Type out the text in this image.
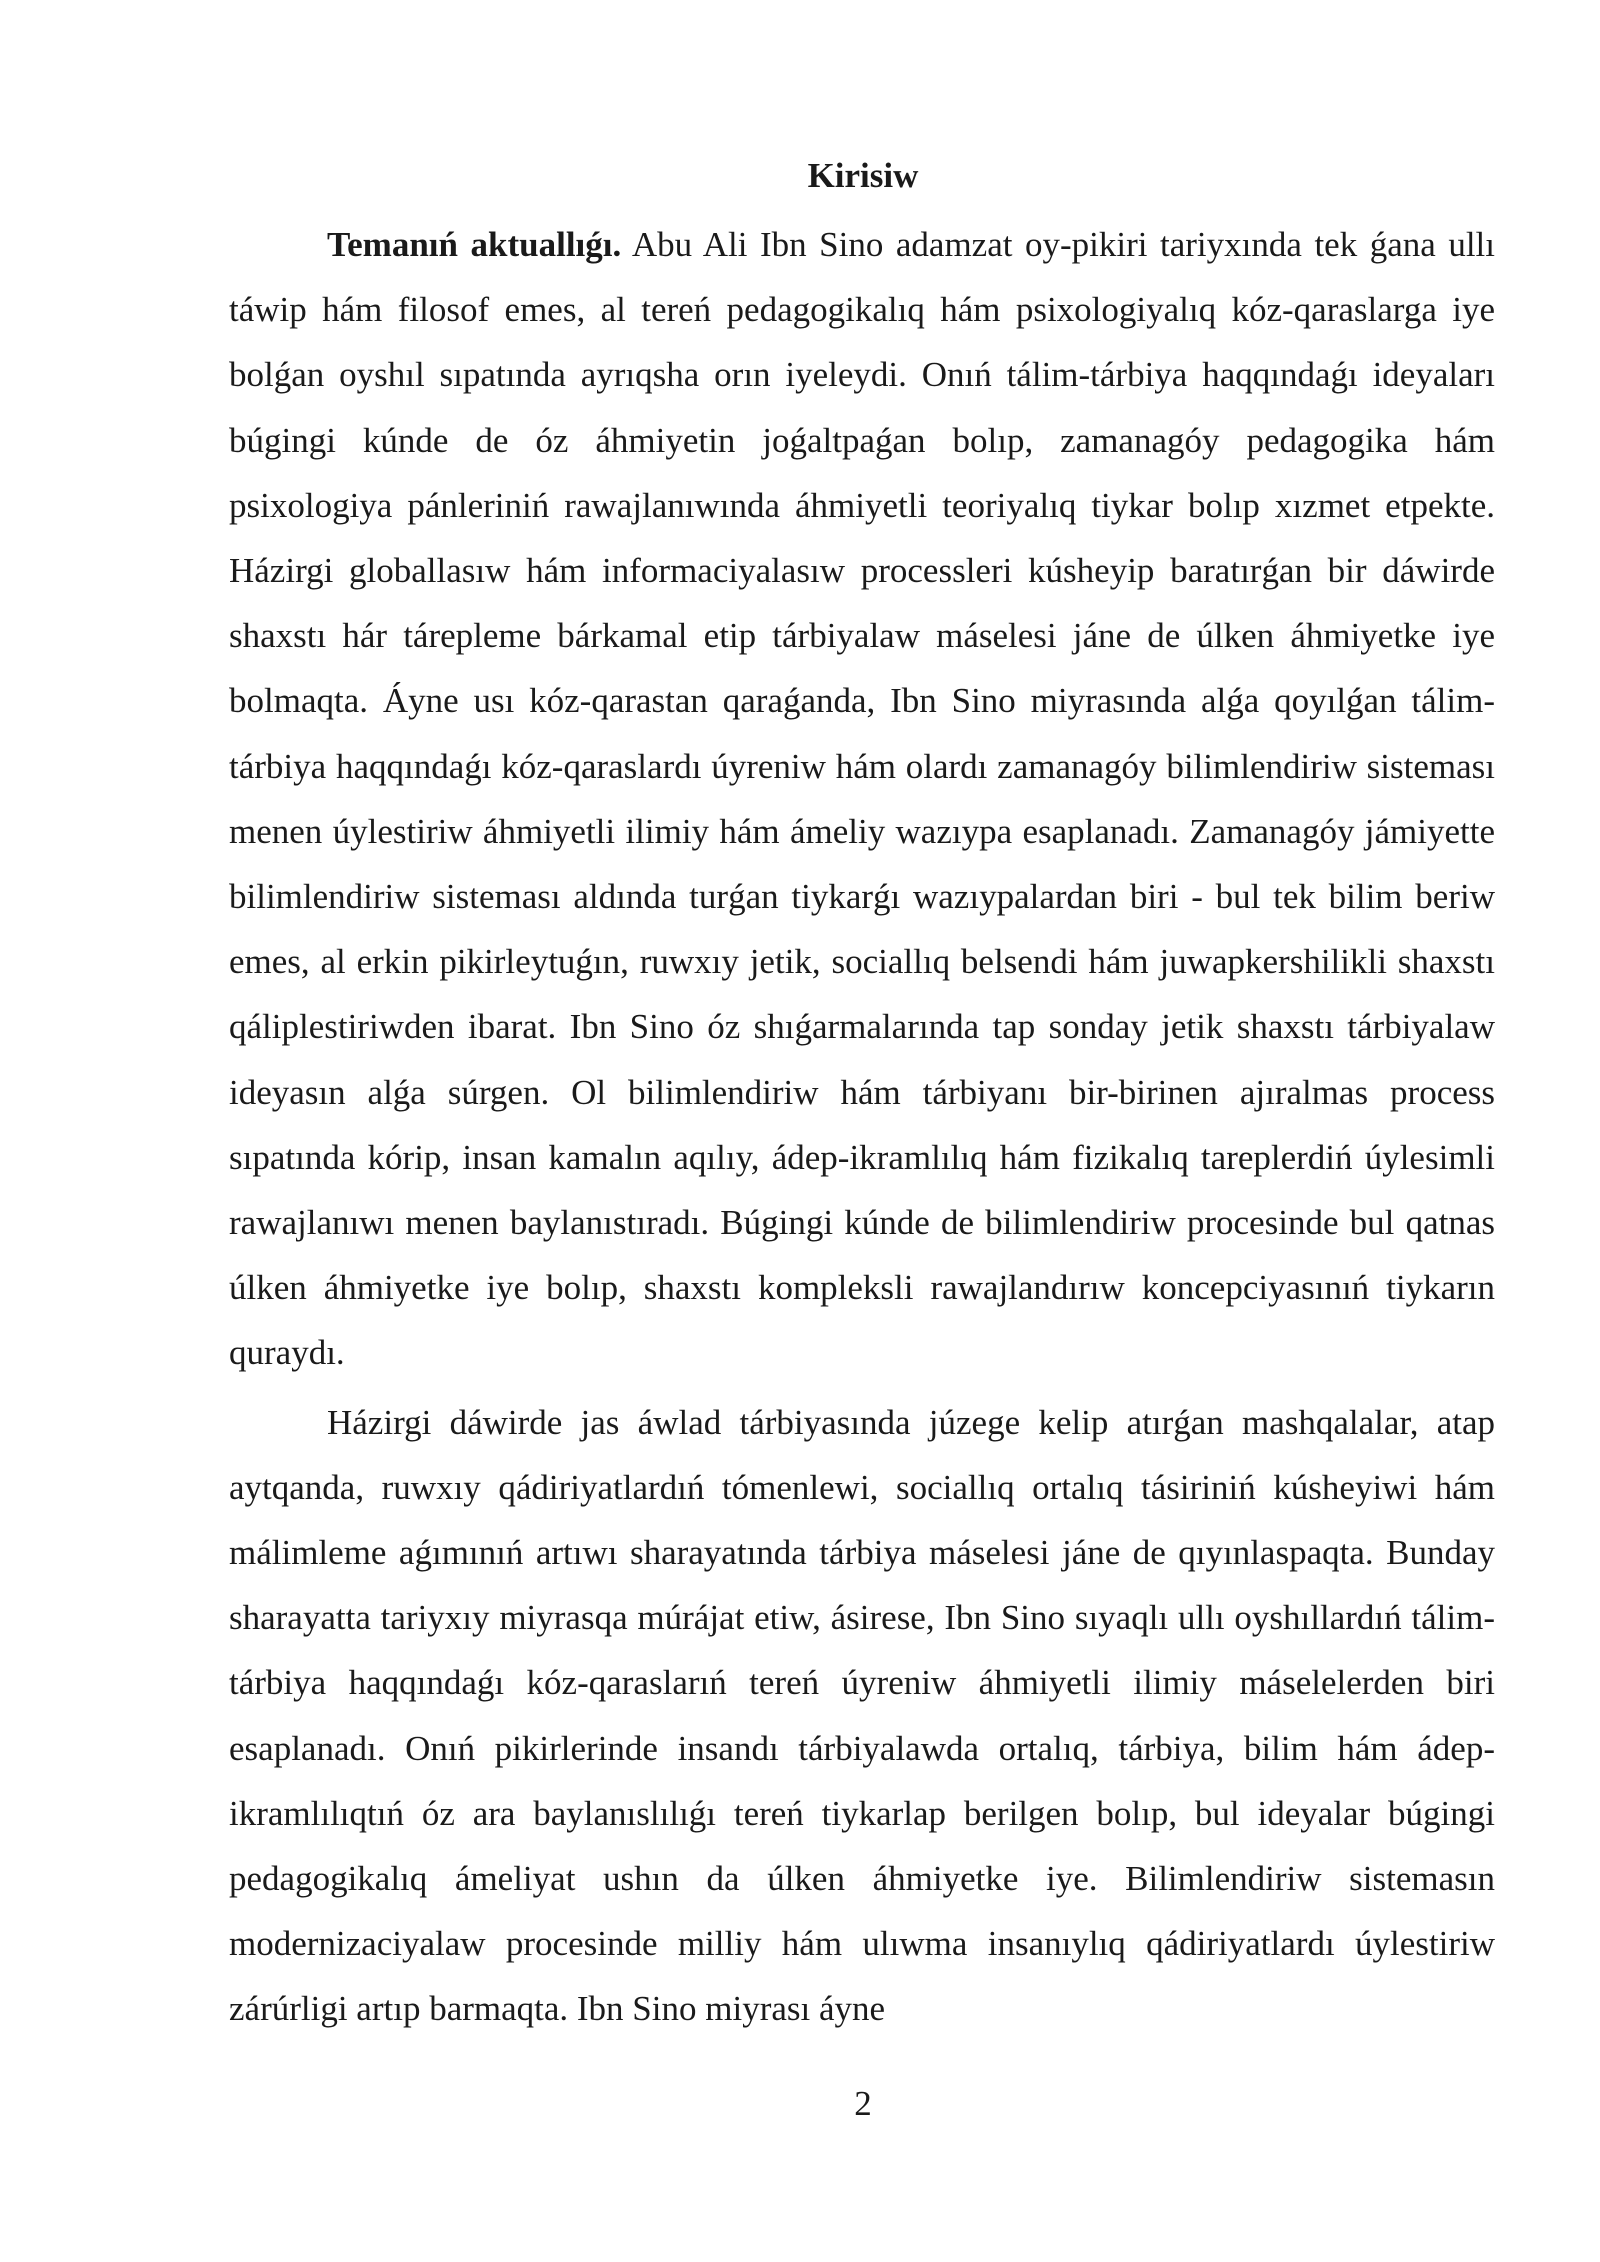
Kirisiw

Temanıń aktuallıǵı. Abu Ali Ibn Sino adamzat oy-pikiri tariyxında tek ǵana ullı táwip hám filosof emes, al tereń pedagogikalıq hám psixologiyalıq kóz-qaraslarga iye bolǵan oyshıl sıpatında ayrıqsha orın iyeleydi. Onıń tálim-tárbiya haqqındaǵı ideyaları búgingi kúnde de óz áhmiyetin joǵaltpaǵan bolıp, zamanagóy pedagogika hám psixologiya pánleriniń rawajlanıwında áhmiyetli teoriyalıq tiykar bolıp xızmet etpekte. Házirgi globallasıw hám informaciyalasıw processleri kúsheyip baratırǵan bir dáwirde shaxstı hár tárepleme bárkamal etip tárbiyalaw máselesi jáne de úlken áhmiyetke iye bolmaqta. Áyne usı kóz-qarastan qaraǵanda, Ibn Sino miyrasında alǵa qoyılǵan tálim-tárbiya haqqındaǵı kóz-qaraslardı úyreniw hám olardı zamanagóy bilimlendiriw sisteması menen úylestiriw áhmiyetli ilimiy hám ámeliy wazıypa esaplanadı. Zamanagóy jámiyette bilimlendiriw sisteması aldında turǵan tiykarǵı wazıypalardan biri - bul tek bilim beriw emes, al erkin pikirleytuǵın, ruwxıy jetik, sociallıq belsendi hám juwapkershilikli shaxstı qáliplestiriwden ibarat. Ibn Sino óz shıǵarmalarında tap sonday jetik shaxstı tárbiyalaw ideyasın alǵa súrgen. Ol bilimlendiriw hám tárbiyanı bir-birinen ajıralmas process sıpatında kórip, insan kamalın aqılıy, ádep-ikramlılıq hám fizikalıq tareplerdiń úylesimli rawajlanıwı menen baylanıstıradı. Búgingi kúnde de bilimlendiriw procesinde bul qatnas úlken áhmiyetke iye bolıp, shaxstı kompleksli rawajlandırıw koncepciyasınıń tiykarın quraydı.

Házirgi dáwirde jas áwlad tárbiyasında júzege kelip atırǵan mashqalalar, atap aytqanda, ruwxıy qádiriyatlardıń tómenlewi, sociallıq ortalıq tásiriniń kúsheyiwi hám málimleme aǵımınıń artıwı sharayatında tárbiya máselesi jáne de qıyınlaspaqta. Bunday sharayatta tariyxıy miyrasqa múrájat etiw, ásirese, Ibn Sino sıyaqlı ullı oyshıllardıń tálim-tárbiya haqqındaǵı kóz-qaraslarıń tereń úyreniw áhmiyetli ilimiy máselelerden biri esaplanadı. Onıń pikirlerinde insandı tárbiyalawda ortalıq, tárbiya, bilim hám ádep-ikramlılıqtıń óz ara baylanıslılıǵı tereń tiykarlap berilgen bolıp, bul ideyalar búgingi pedagogikalıq ámeliyat ushın da úlken áhmiyetke iye. Bilimlendiriw sistemasın modernizaciyalaw procesinde milliy hám ulıwma insanıylıq qádiriyatlardı úylestiriw zárúrligi artıp barmaqta. Ibn Sino miyrası áyne

2
